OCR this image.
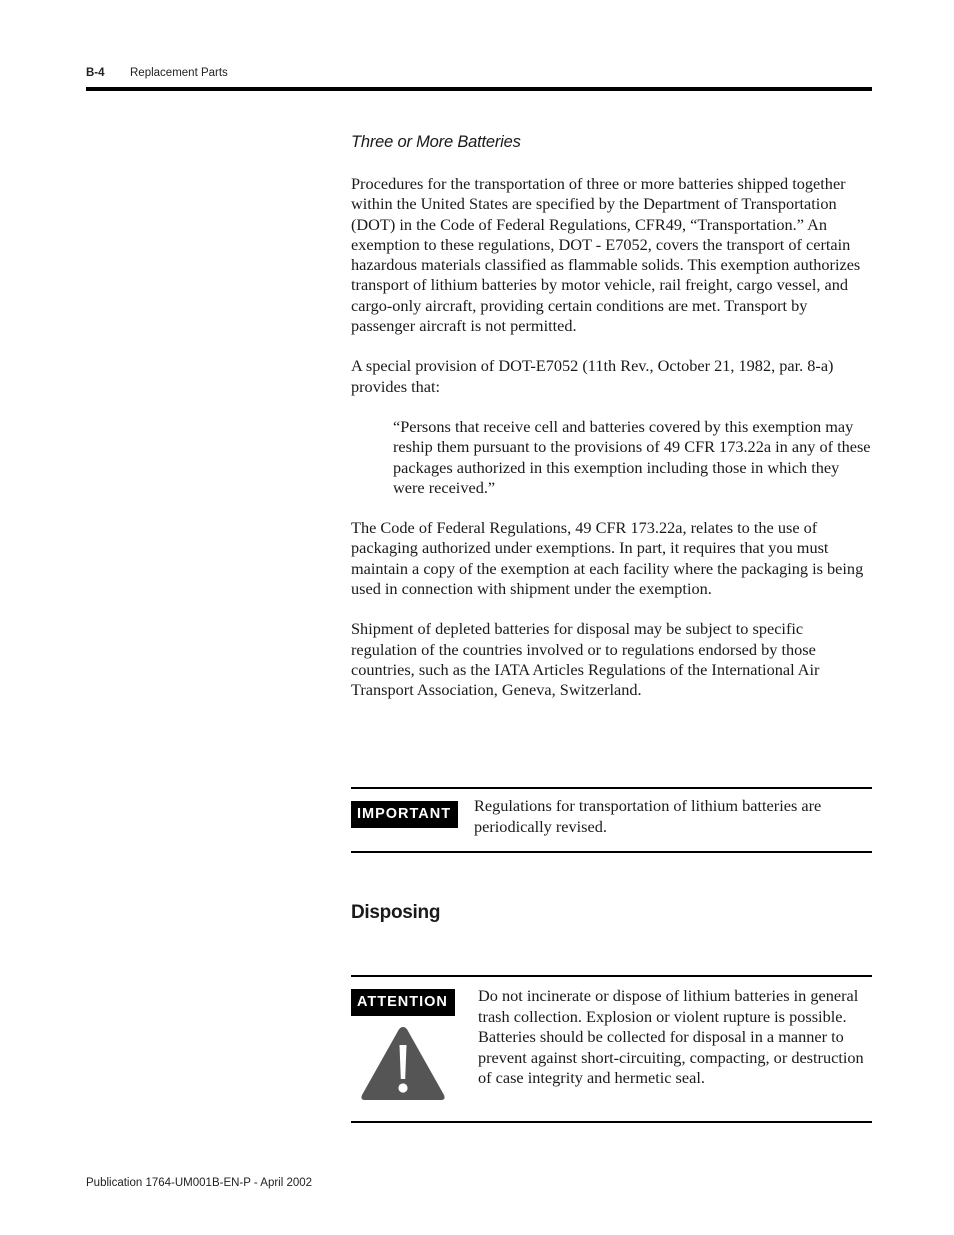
B-4 Replacement Parts
Three or More Batteries

Procedures for the transportation of three or more batteries shipped together within the United States are specified by the Department of Transportation (DOT) in the Code of Federal Regulations, CFR49, “Transportation.” An exemption to these regulations, DOT - E7052, covers the transport of certain hazardous materials classified as flammable solids. This exemption authorizes transport of lithium batteries by motor vehicle, rail freight, cargo vessel, and cargo-only aircraft, providing certain conditions are met. Transport by passenger aircraft is not permitted.

A special provision of DOT-E7052 (11th Rev., October 21, 1982, par. 8-a) provides that:

“Persons that receive cell and batteries covered by this exemption may reship them pursuant to the provisions of 49 CFR 173.22a in any of these packages authorized in this exemption including those in which they were received.”

The Code of Federal Regulations, 49 CFR 173.22a, relates to the use of packaging authorized under exemptions. In part, it requires that you must maintain a copy of the exemption at each facility where the packaging is being used in connection with shipment under the exemption.

Shipment of depleted batteries for disposal may be subject to specific regulation of the countries involved or to regulations endorsed by those countries, such as the IATA Articles Regulations of the International Air Transport Association, Geneva, Switzerland.

IMPORTANT	Regulations for transportation of lithium batteries are periodically revised.
Disposing
ATTENTION	Do not incinerate or dispose of lithium batteries in general trash collection. Explosion or violent rupture is possible. Batteries should be collected for disposal in a manner to prevent against short-circuiting, compacting, or destruction of case integrity and hermetic seal.
Publication 1764-UM001B-EN-P - April 2002
